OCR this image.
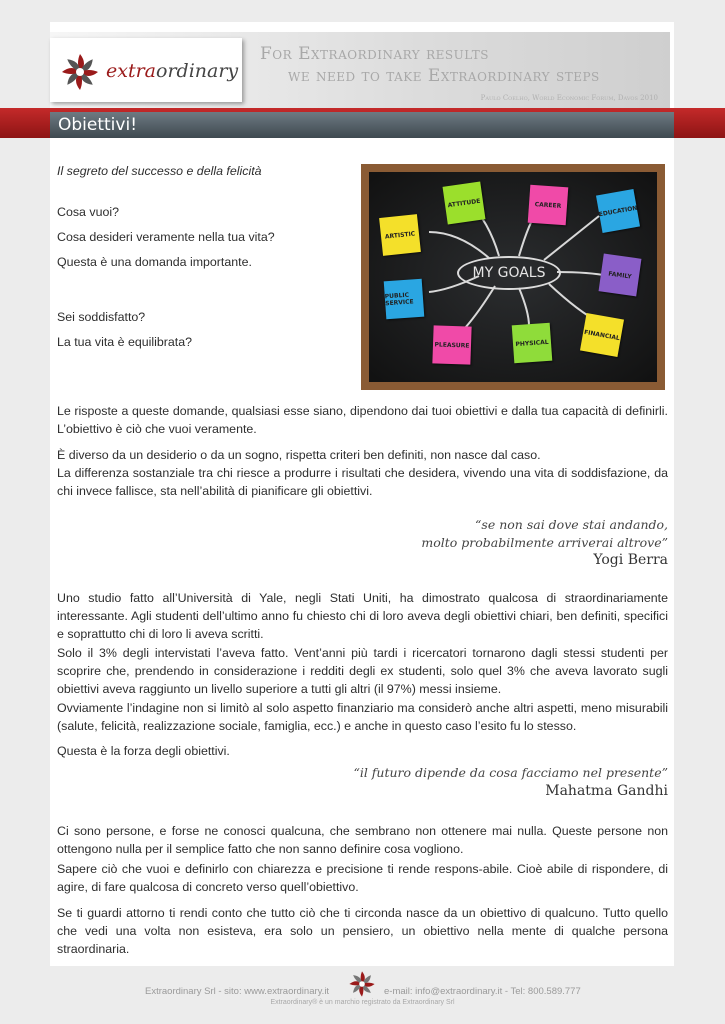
extraordinary
For Extraordinary results
we need to take Extraordinary steps
Paulo Coelho, World Economic Forum, Davos 2010
Obiettivi!
Il segreto del successo e della felicità
Cosa vuoi?
Cosa desideri veramente nella tua vita?
Questa è una domanda importante.
Sei soddisfatto?
La tua vita è equilibrata?
MY GOALS
ARTISTIC
ATTITUDE	CAREER	EDUCATION
FAMILY
FINANCIAL
PHYSICAL
PLEASURE
PUBLIC SERVICE
Le risposte a queste domande, qualsiasi esse siano, dipendono dai tuoi obiettivi e dalla tua capacità di definirli. L’obiettivo è ciò che vuoi veramente.
È diverso da un desiderio o da un sogno, rispetta criteri ben definiti, non nasce dal caso.
La differenza sostanziale tra chi riesce a produrre i risultati che desidera, vivendo una vita di soddisfazione, da chi invece fallisce, sta nell’abilità di pianificare gli obiettivi.
“se non sai dove stai andando,
molto probabilmente arriverai altrove”
Yogi Berra
Uno studio fatto all’Università di Yale, negli Stati Uniti, ha dimostrato qualcosa di straordinariamente interessante. Agli studenti dell’ultimo anno fu chiesto chi di loro aveva degli obiettivi chiari, ben definiti, specifici e soprattutto chi di loro li aveva scritti.
Solo il 3% degli intervistati l’aveva fatto. Vent’anni più tardi i ricercatori tornarono dagli stessi studenti per scoprire che, prendendo in considerazione i redditi degli ex studenti, solo quel 3% che aveva lavorato sugli obiettivi aveva raggiunto un livello superiore a tutti gli altri (il 97%) messi insieme.
Ovviamente l’indagine non si limitò al solo aspetto finanziario ma considerò anche altri aspetti, meno misurabili (salute, felicità, realizzazione sociale, famiglia, ecc.) e anche in questo caso l’esito fu lo stesso.
Questa è la forza degli obiettivi.
“il futuro dipende da cosa facciamo nel presente”
Mahatma Gandhi
Ci sono persone, e forse ne conosci qualcuna, che sembrano non ottenere mai nulla. Queste persone non ottengono nulla per il semplice fatto che non sanno definire cosa vogliono.
Sapere ciò che vuoi e definirlo con chiarezza e precisione ti rende respons-abile. Cioè abile di rispondere, di agire, di fare qualcosa di concreto verso quell’obiettivo.
Se ti guardi attorno ti rendi conto che tutto ciò che ti circonda nasce da un obiettivo di qualcuno. Tutto quello che vedi una volta non esisteva, era solo un pensiero, un obiettivo nella mente di qualche persona straordinaria.
Extraordinary Srl - sito: www.extraordinary.it	e-mail: info@extraordinary.it - Tel: 800.589.777
Extraordinary® è un marchio registrato da Extraordinary Srl
